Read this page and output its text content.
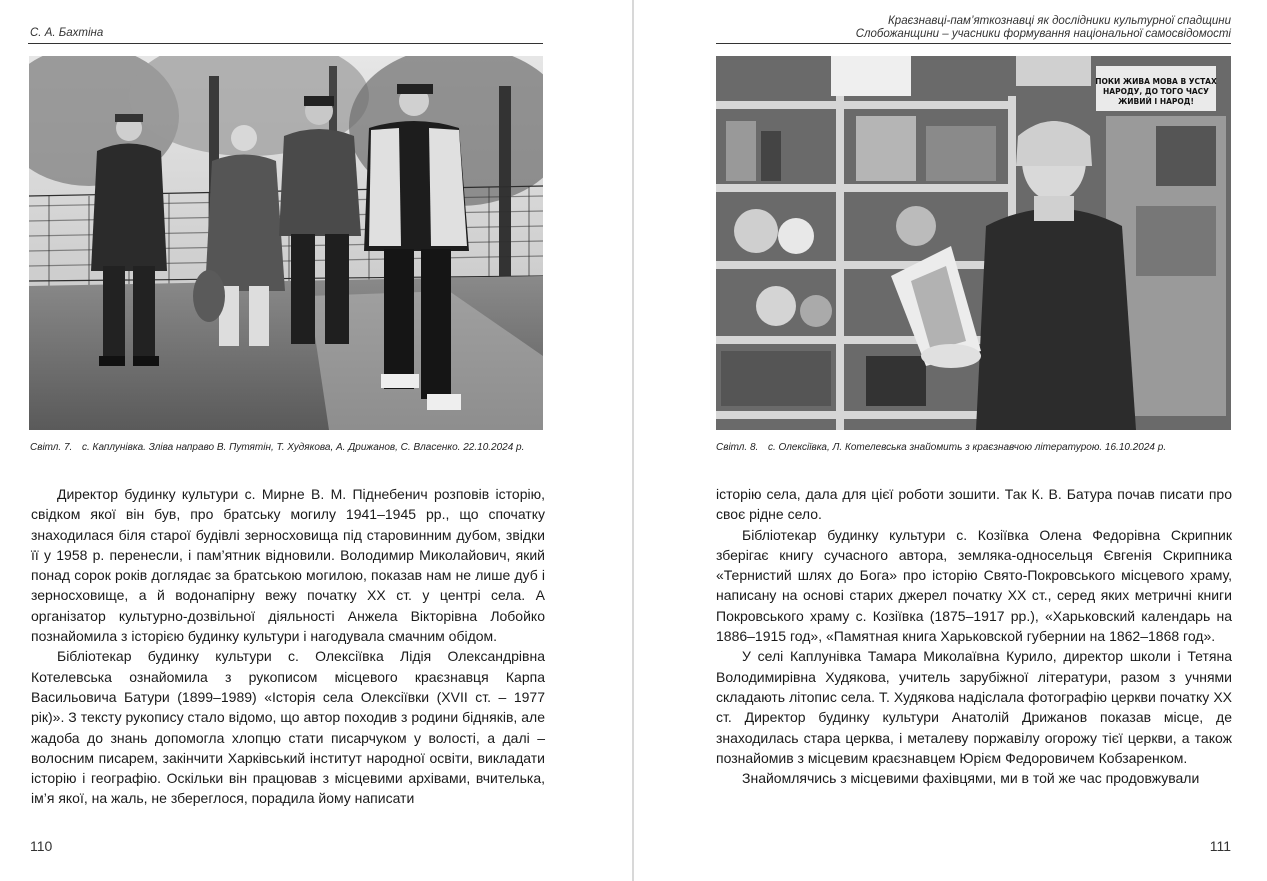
С. А. Бахтіна
Світл. 7. с. Каплунівка. Зліва направо В. Путятін, Т. Худякова, А. Дрижанов, С. Власенко. 22.10.2024 р.

Директор будинку культури с. Мирне В. М. Піднебенич розповів історію, свідком якої він був, про братську могилу 1941–1945 рр., що спочатку знаходилася біля старої будівлі зерносховища під старовинним дубом, звідки її у 1958 р. перенесли, і пам’ятник відновили. Володимир Миколайович, який понад сорок років доглядає за братською могилою, показав нам не лише дуб і зерносховище, а й водонапірну вежу початку ХХ ст. у центрі села. А організатор культурно-дозвільної діяльності Анжела Вікторівна Лобойко познайомила з історією будинку культури і нагодувала смачним обідом.

Бібліотекар будинку культури с. Олексіївка Лідія Олександрівна Котелевська ознайомила з рукописом місцевого краєзнавця Карпа Васильовича Батури (1899–1989) «Історія села Олексіївки (XVII ст. – 1977 рік)». З тексту рукопису стало відомо, що автор походив з родини бідняків, але жадоба до знань допомогла хлопцю стати писарчуком у волості, а далі – волосним писарем, закінчити Харківський інститут народної освіти, викладати історію і географію. Оскільки він працював з місцевими архівами, вчителька, ім’я якої, на жаль, не збереглося, порадила йому написати

110
Краєзнавці-пам’яткознавці як дослідники культурної спадщини
Слобожанщини – учасники формування національної самосвідомості
ПОКИ ЖИВА МОВА В УСТАХ
НАРОДУ, ДО ТОГО ЧАСУ
ЖИВИЙ І НАРОД!
Світл. 8. с. Олексіївка, Л. Котелевська знайомить з краєзнавчою літературою. 16.10.2024 р.

історію села, дала для цієї роботи зошити. Так К. В. Батура почав писати про своє рідне село.

Бібліотекар будинку культури с. Козіївка Олена Федорівна Скрипник зберігає книгу сучасного автора, земляка-односельця Євгенія Скрипника «Тернистий шлях до Бога» про історію Свято-Покровського місцевого храму, написану на основі старих джерел початку ХХ ст., серед яких метричні книги Покровського храму с. Козіївка (1875–1917 рр.), «Харьковский календарь на 1886–1915 год», «Памятная книга Харьковской губернии на 1862–1868 год».

У селі Каплунівка Тамара Миколаївна Курило, директор школи і Тетяна Володимирівна Худякова, учитель зарубіжної літератури, разом з учнями складають літопис села. Т. Худякова надіслала фотографію церкви початку ХХ ст. Директор будинку культури Анатолій Дрижанов показав місце, де знаходилась стара церква, і металеву поржавілу огорожу тієї церкви, а також познайомив з місцевим краєзнавцем Юрієм Федоровичем Кобзаренком.

Знайомлячись з місцевими фахівцями, ми в той же час продовжували

111
